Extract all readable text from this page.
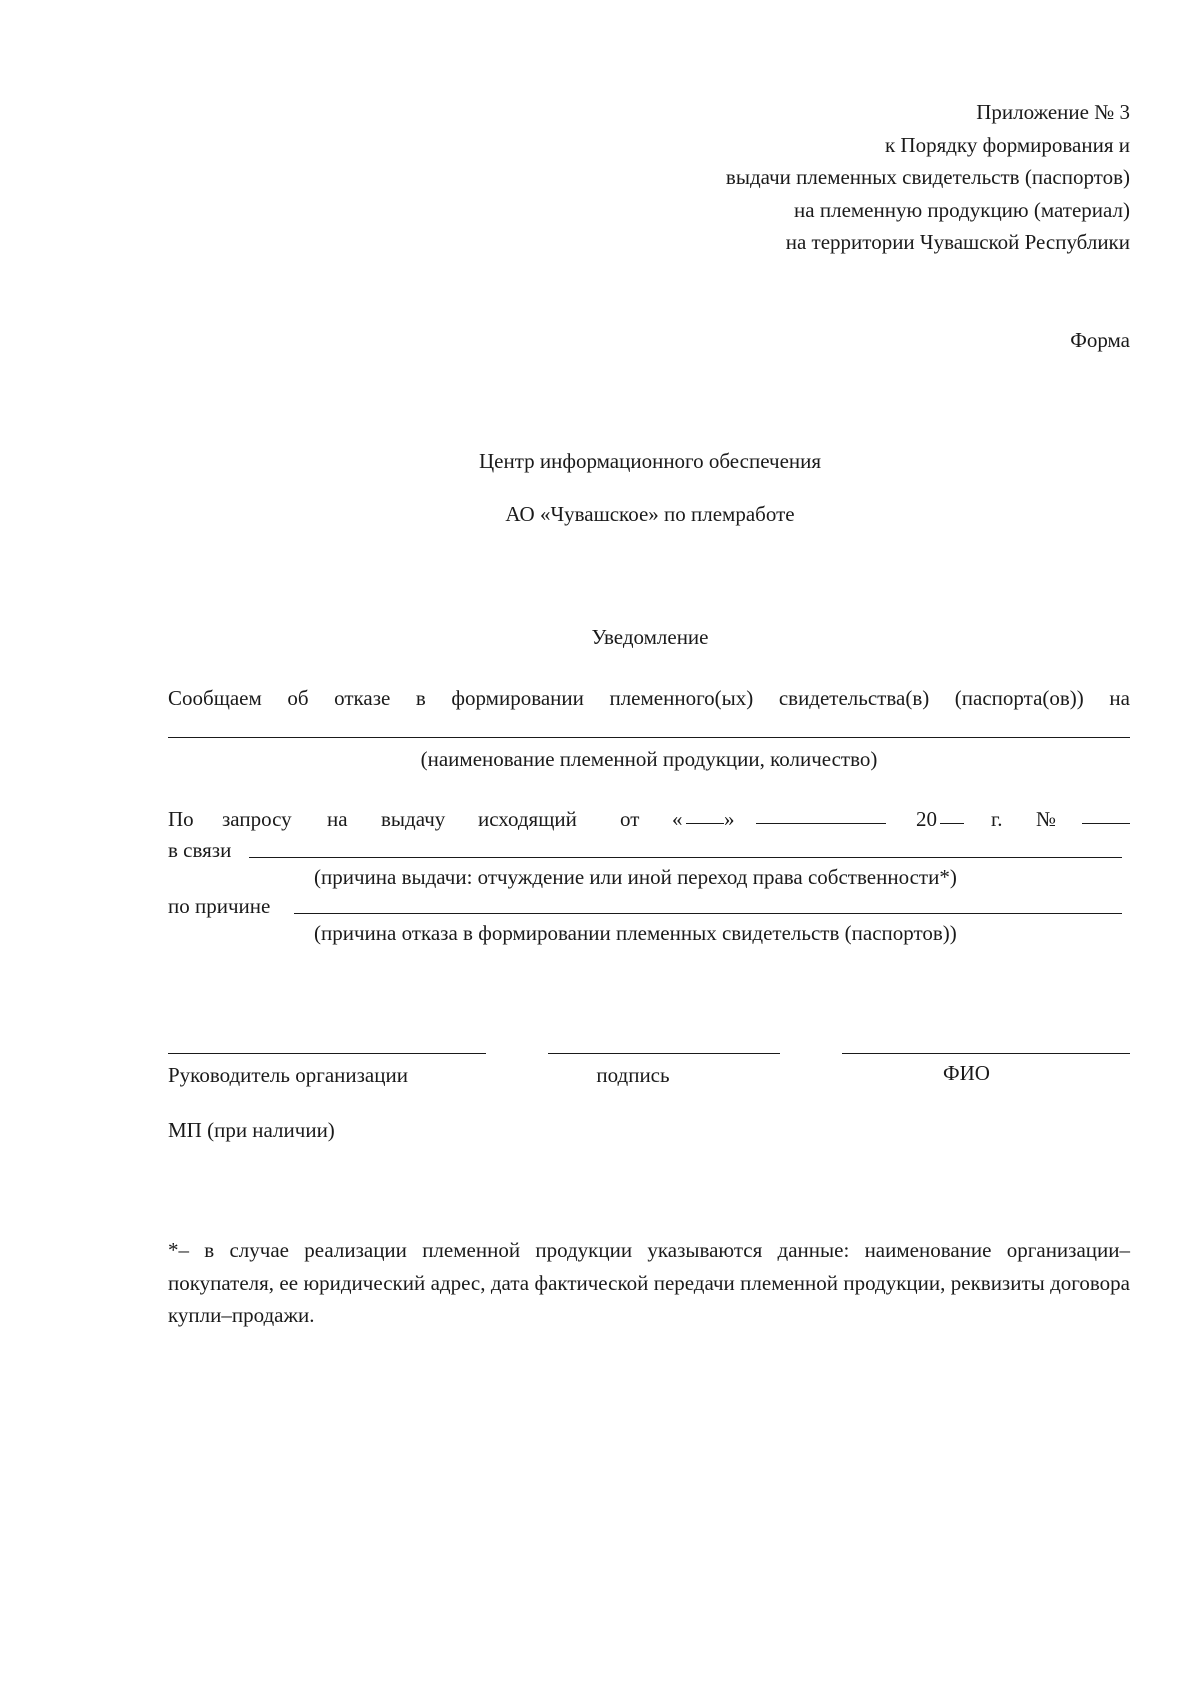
Приложение № 3
к Порядку формирования и
выдачи племенных свидетельств (паспортов)
на племенную продукцию (материал)
на территории Чувашской Республики
Форма
Центр информационного обеспечения
АО «Чувашское» по племработе
Уведомление
Сообщаем об отказе в формировании племенного(ых) свидетельства(в) (паспорта(ов)) на
(наименование племенной продукции, количество)
По запросу на выдачу исходящий от « »	20	г. №
в связи
(причина выдачи: отчуждение или иной переход права собственности*)
по причине
(причина отказа в формировании племенных свидетельств (паспортов))
Руководитель организации	подпись	ФИО
МП (при наличии)
*– в случае реализации племенной продукции указываются данные: наименование организации–покупателя, ее юридический адрес, дата фактической передачи племенной продукции, реквизиты договора купли–продажи.
